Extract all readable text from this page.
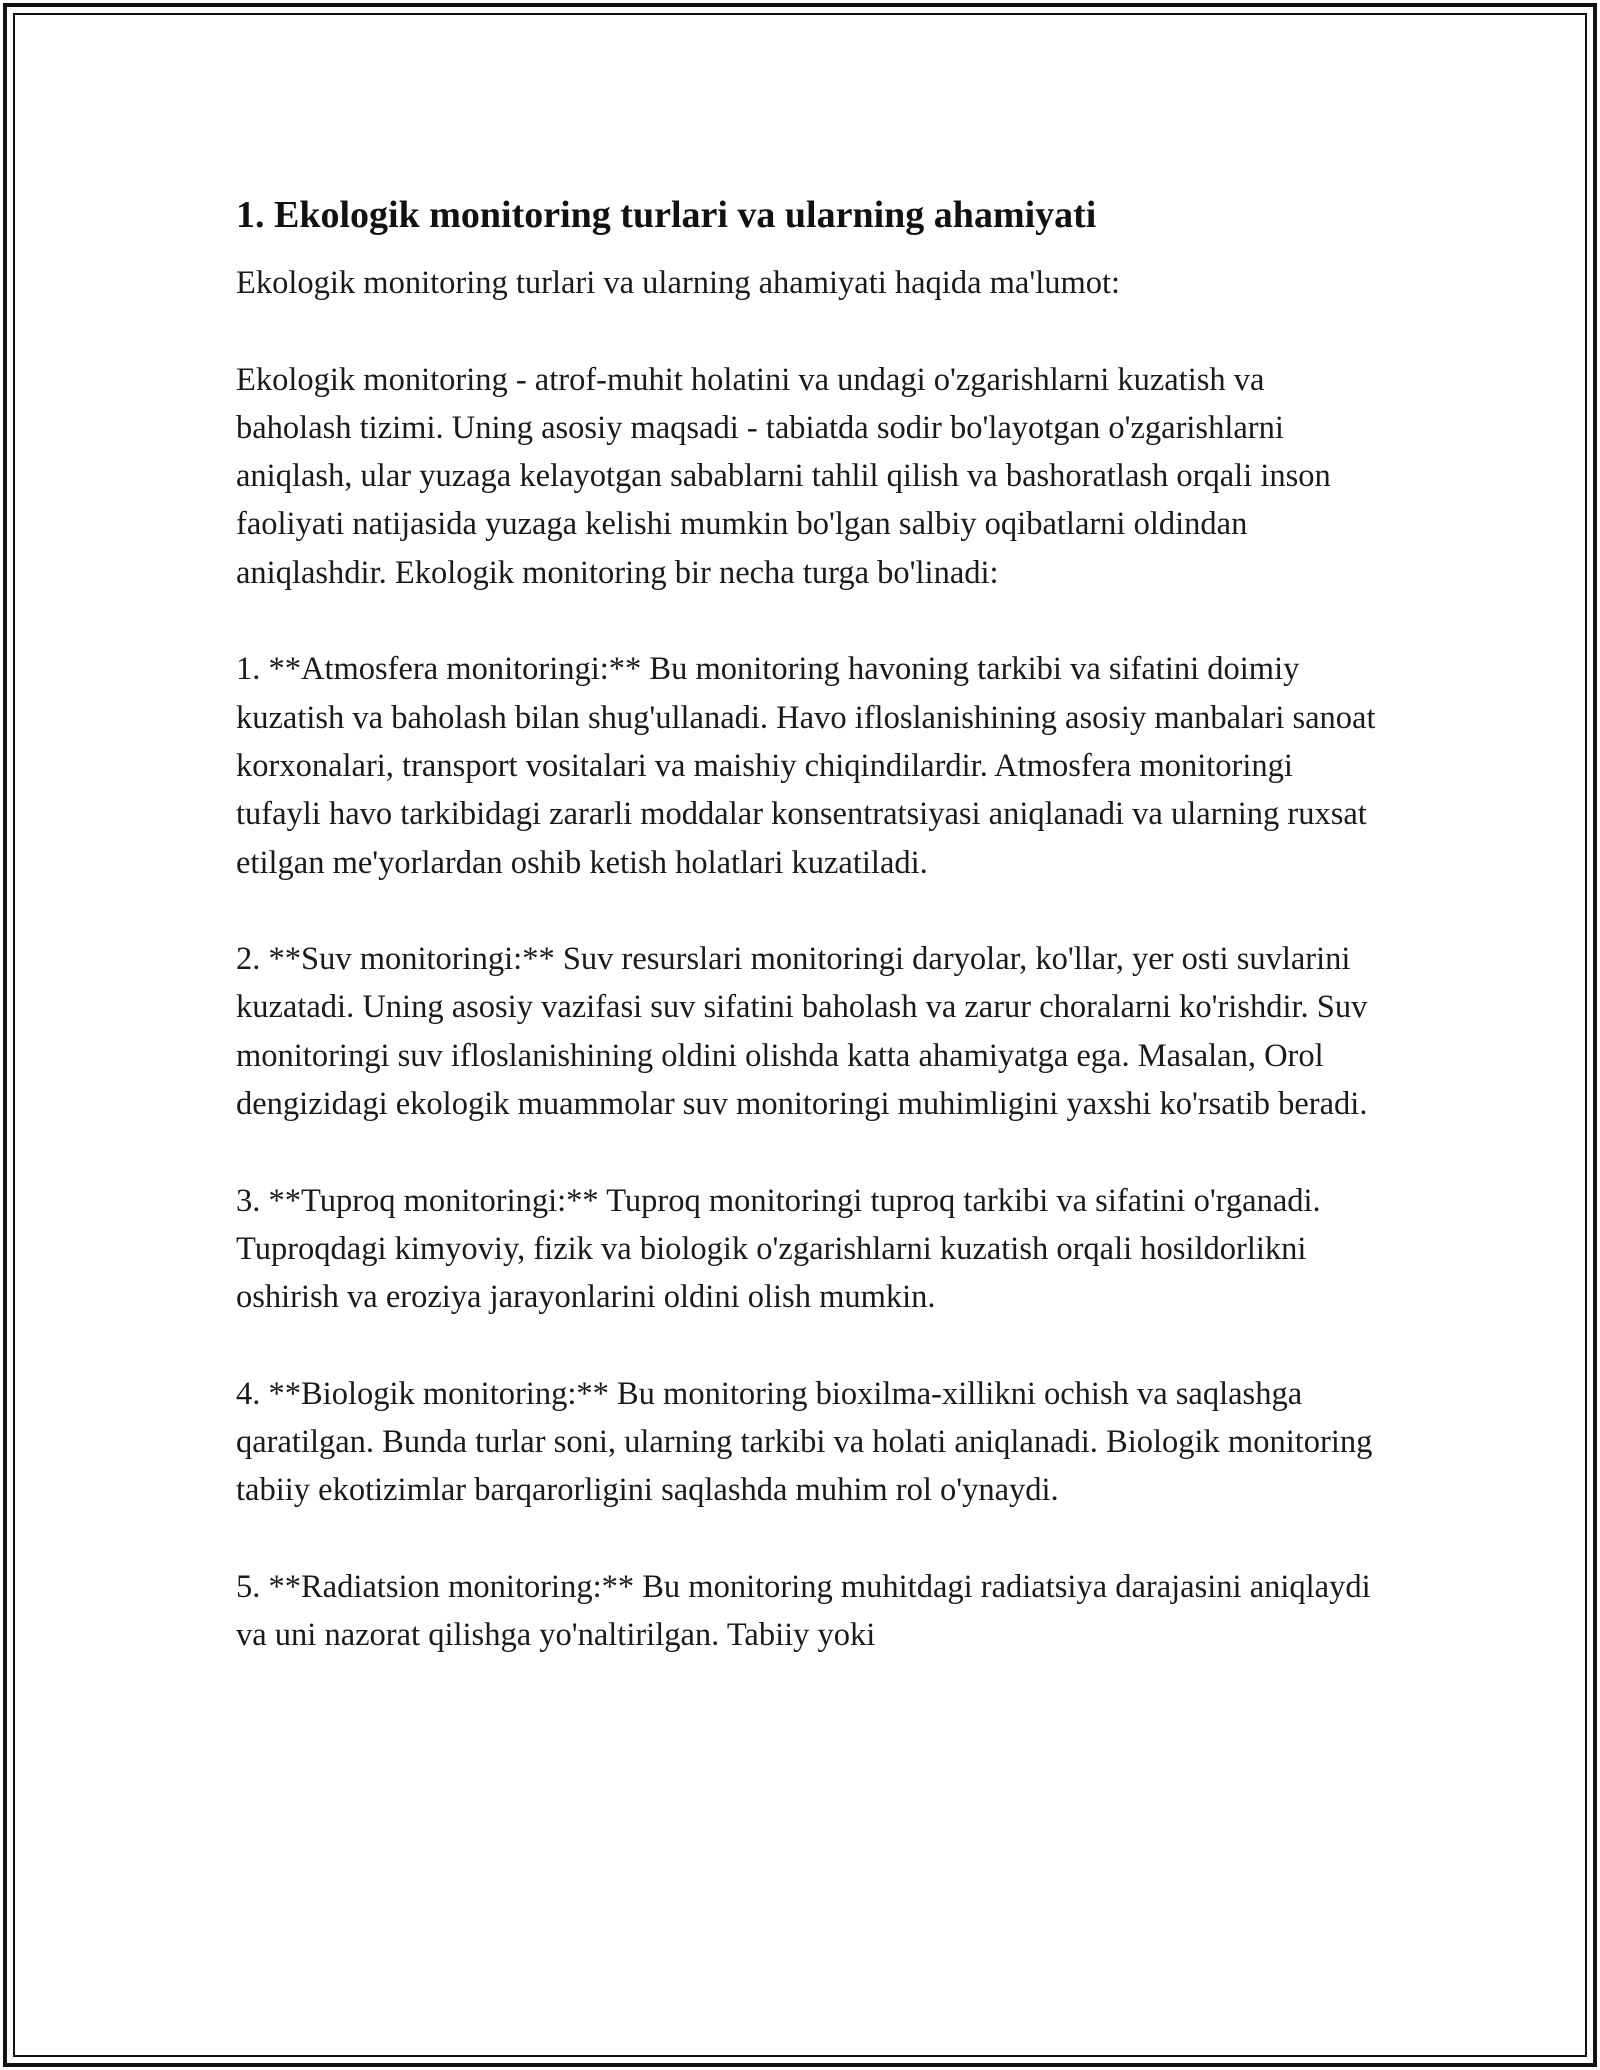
1. Ekologik monitoring turlari va ularning ahamiyati

Ekologik monitoring turlari va ularning ahamiyati haqida ma'lumot:

Ekologik monitoring - atrof-muhit holatini va undagi o'zgarishlarni kuzatish va baholash tizimi. Uning asosiy maqsadi - tabiatda sodir bo'layotgan o'zgarishlarni aniqlash, ular yuzaga kelayotgan sabablarni tahlil qilish va bashoratlash orqali inson faoliyati natijasida yuzaga kelishi mumkin bo'lgan salbiy oqibatlarni oldindan aniqlashdir. Ekologik monitoring bir necha turga bo'linadi:

1. **Atmosfera monitoringi:** Bu monitoring havoning tarkibi va sifatini doimiy kuzatish va baholash bilan shug'ullanadi. Havo ifloslanishining asosiy manbalari sanoat korxonalari, transport vositalari va maishiy chiqindilardir. Atmosfera monitoringi tufayli havo tarkibidagi zararli moddalar konsentratsiyasi aniqlanadi va ularning ruxsat etilgan me'yorlardan oshib ketish holatlari kuzatiladi.

2. **Suv monitoringi:** Suv resurslari monitoringi daryolar, ko'llar, yer osti suvlarini kuzatadi. Uning asosiy vazifasi suv sifatini baholash va zarur choralarni ko'rishdir. Suv monitoringi suv ifloslanishining oldini olishda katta ahamiyatga ega. Masalan, Orol dengizidagi ekologik muammolar suv monitoringi muhimligini yaxshi ko'rsatib beradi.

3. **Tuproq monitoringi:** Tuproq monitoringi tuproq tarkibi va sifatini o'rganadi. Tuproqdagi kimyoviy, fizik va biologik o'zgarishlarni kuzatish orqali hosildorlikni oshirish va eroziya jarayonlarini oldini olish mumkin.

4. **Biologik monitoring:** Bu monitoring bioxilma-xillikni ochish va saqlashga qaratilgan. Bunda turlar soni, ularning tarkibi va holati aniqlanadi. Biologik monitoring tabiiy ekotizimlar barqarorligini saqlashda muhim rol o'ynaydi.

5. **Radiatsion monitoring:** Bu monitoring muhitdagi radiatsiya darajasini aniqlaydi va uni nazorat qilishga yo'naltirilgan. Tabiiy yoki
